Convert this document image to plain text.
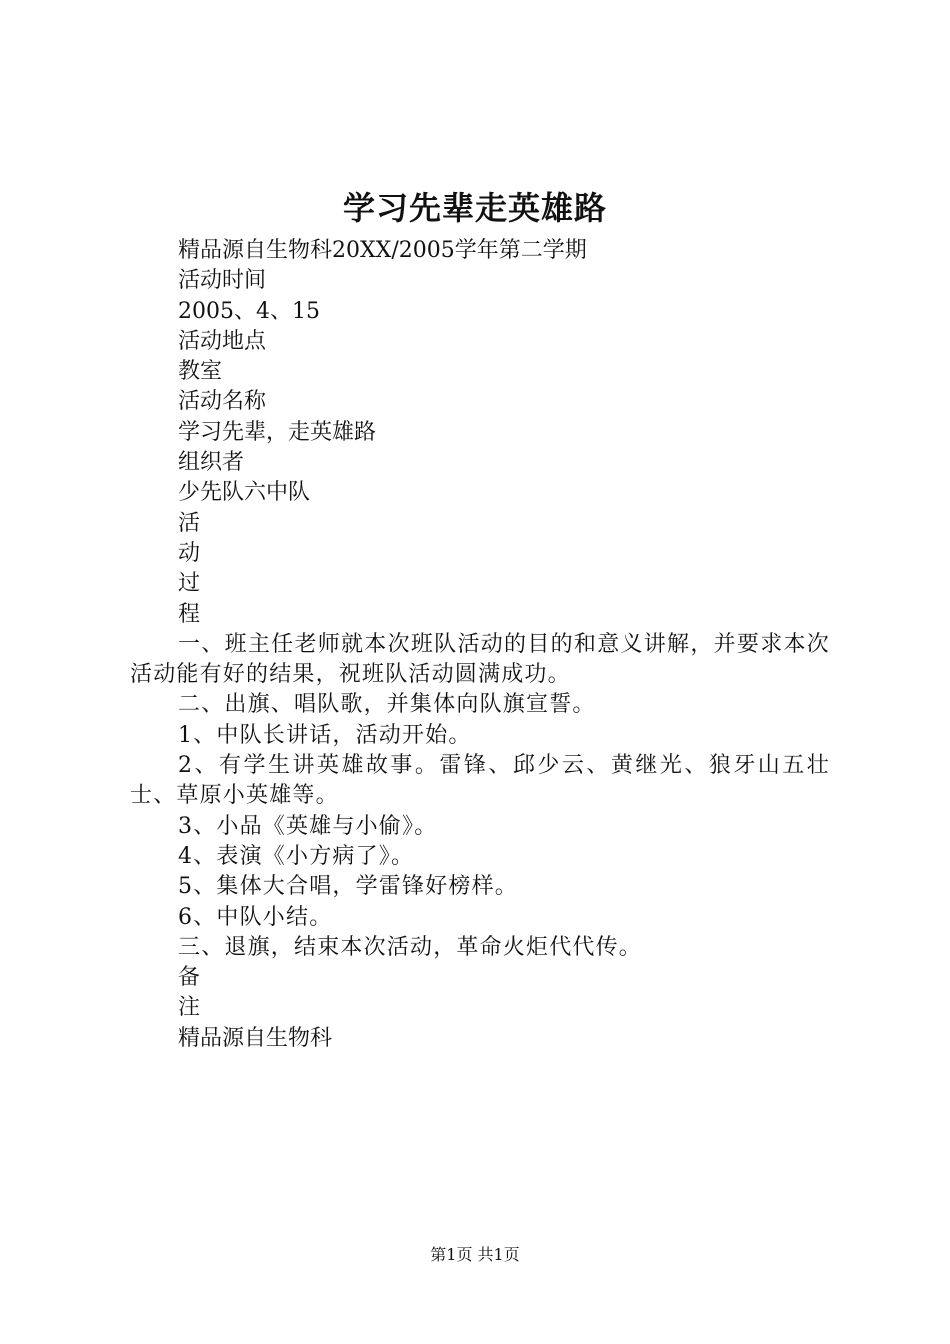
学习先辈走英雄路

精品源自生物科20XX/2005学年第二学期

活动时间

2005、4、15

活动地点

教室

活动名称

学习先辈，走英雄路

组织者

少先队六中队

活

动

过

程

一、班主任老师就本次班队活动的目的和意义讲解，并要求本次活动能有好的结果，祝班队活动圆满成功。

二、出旗、唱队歌，并集体向队旗宣誓。

1、中队长讲话，活动开始。

2、有学生讲英雄故事。雷锋、邱少云、黄继光、狼牙山五壮士、草原小英雄等。

3、小品《英雄与小偷》。

4、表演《小方病了》。

5、集体大合唱，学雷锋好榜样。

6、中队小结。

三、退旗，结束本次活动，革命火炬代代传。

备

注

精品源自生物科

第1页 共1页
